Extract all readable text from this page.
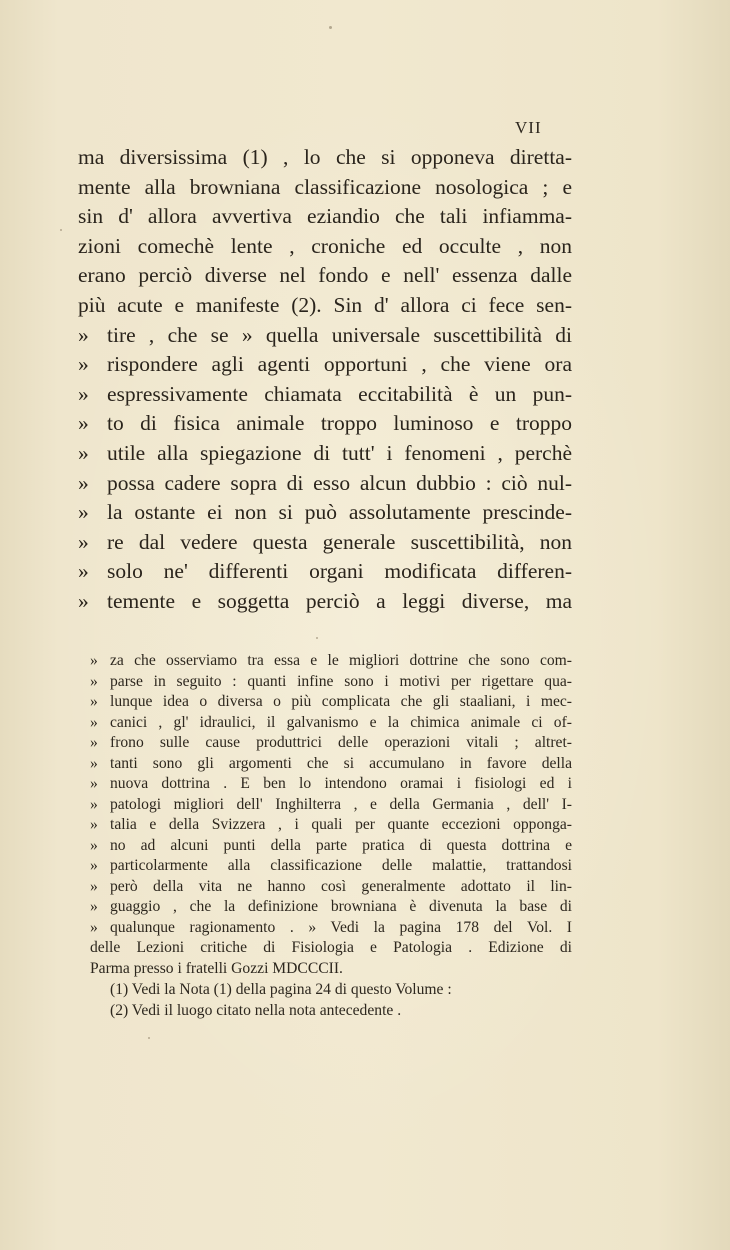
VII
ma diversissima (1) , lo che si opponeva diretta-
mente alla browniana classificazione nosologica ; e
sin d' allora avvertiva eziandio che tali infiamma-
zioni comechè lente , croniche ed occulte , non
erano perciò diverse nel fondo e nell' essenza dalle
più acute e manifeste (2). Sin d' allora ci fece sen-
» tire , che se » quella universale suscettibilità di
» rispondere agli agenti opportuni , che viene ora
» espressivamente chiamata eccitabilità è un pun-
» to di fisica animale troppo luminoso e troppo
» utile alla spiegazione di tutt' i fenomeni , perchè
» possa cadere sopra di esso alcun dubbio : ciò nul-
» la ostante ei non si può assolutamente prescinde-
» re dal vedere questa generale suscettibilità, non
» solo ne' differenti organi modificata differen-
» temente e soggetta perciò a leggi diverse, ma
» za che osserviamo tra essa e le migliori dottrine che sono com-
» parse in seguito : quanti infine sono i motivi per rigettare qua-
» lunque idea o diversa o più complicata che gli staaliani, i mec-
» canici , gl' idraulici, il galvanismo e la chimica animale ci of-
» frono sulle cause produttrici delle operazioni vitali ; altret-
» tanti sono gli argomenti che si accumulano in favore della
» nuova dottrina . E ben lo intendono oramai i fisiologi ed i
» patologi migliori dell' Inghilterra , e della Germania , dell' I-
» talia e della Svizzera , i quali per quante eccezioni opponga-
» no ad alcuni punti della parte pratica di questa dottrina e
» particolarmente alla classificazione delle malattie, trattandosi
» però della vita ne hanno così generalmente adottato il lin-
» guaggio , che la definizione browniana è divenuta la base di
» qualunque ragionamento . » Vedi la pagina 178 del Vol. I
delle Lezioni critiche di Fisiologia e Patologia . Edizione di
Parma presso i fratelli Gozzi MDCCCII.
(1) Vedi la Nota (1) della pagina 24 di questo Volume :
(2) Vedi il luogo citato nella nota antecedente .
